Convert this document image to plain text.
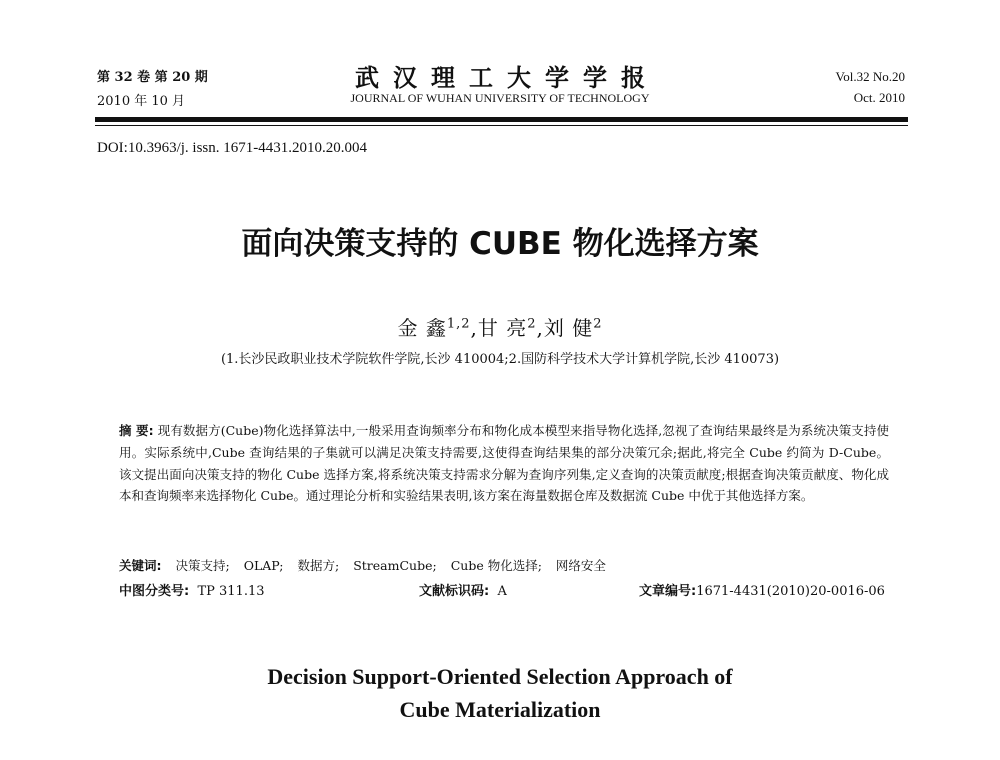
第 32 卷 第 20 期
2010 年 10 月
武汉理工大学学报
JOURNAL OF WUHAN UNIVERSITY OF TECHNOLOGY
Vol.32 No.20
Oct. 2010
DOI:10.3963/j. issn. 1671-4431.2010.20.004
面向决策支持的 CUBE 物化选择方案
金 鑫$^{1,2}$,甘 亮$^2$,刘 健$^2$
(1.长沙民政职业技术学院软件学院,长沙 410004;2.国防科学技术大学计算机学院,长沙 410073)
摘 要: 现有数据方(Cube)物化选择算法中,一般采用查询频率分布和物化成本模型来指导物化选择,忽视了查询结果最终是为系统决策支持使用。实际系统中,Cube 查询结果的子集就可以满足决策支持需要,这使得查询结果集的部分决策冗余;据此,将完全 Cube 约简为 D-Cube。该文提出面向决策支持的物化 Cube 选择方案,将系统决策支持需求分解为查询序列集,定义查询的决策贡献度;根据查询决策贡献度、物化成本和查询频率来选择物化 Cube。通过理论分析和实验结果表明,该方案在海量数据仓库及数据流 Cube 中优于其他选择方案。
关键词: 决策支持; OLAP; 数据方; StreamCube; Cube 物化选择; 网络安全
中图分类号: TP 311.13	文献标识码: A	文章编号:1671-4431(2010)20-0016-06
Decision Support-Oriented Selection Approach of
Cube Materialization
